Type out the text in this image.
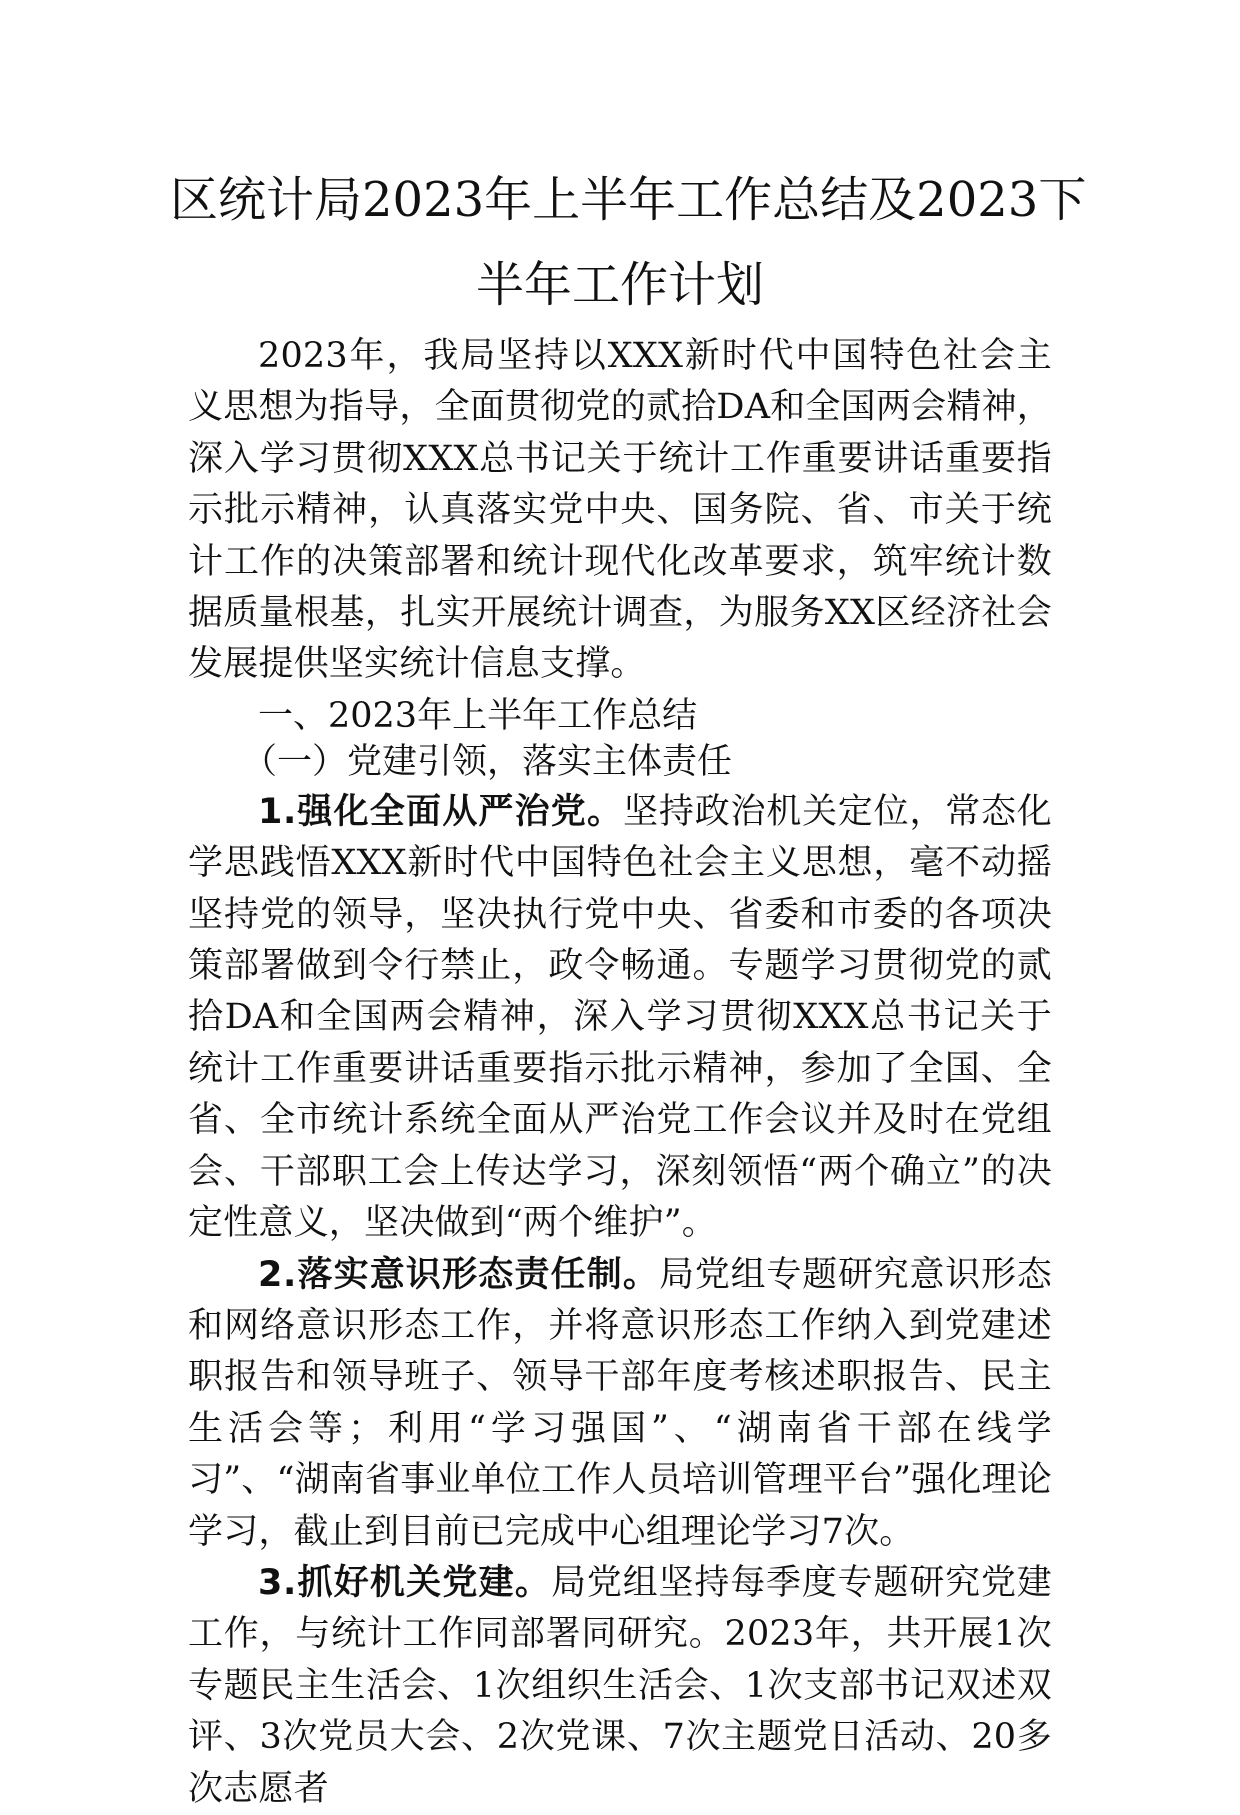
区统计局2023年上半年工作总结及2023下
半年工作计划

2023年，我局坚持以XXX新时代中国特色社会主义思想为指导，全面贯彻党的贰拾DA和全国两会精神，深入学习贯彻XXX总书记关于统计工作重要讲话重要指示批示精神，认真落实党中央、国务院、省、市关于统计工作的决策部署和统计现代化改革要求，筑牢统计数据质量根基，扎实开展统计调查，为服务XX区经济社会发展提供坚实统计信息支撑。

一、2023年上半年工作总结

（一）党建引领，落实主体责任

1.强化全面从严治党。坚持政治机关定位，常态化学思践悟XXX新时代中国特色社会主义思想，毫不动摇坚持党的领导，坚决执行党中央、省委和市委的各项决策部署做到令行禁止，政令畅通。专题学习贯彻党的贰拾DA和全国两会精神，深入学习贯彻XXX总书记关于统计工作重要讲话重要指示批示精神，参加了全国、全省、全市统计系统全面从严治党工作会议并及时在党组会、干部职工会上传达学习，深刻领悟“两个确立”的决定性意义，坚决做到“两个维护”。

2.落实意识形态责任制。局党组专题研究意识形态和网络意识形态工作，并将意识形态工作纳入到党建述职报告和领导班子、领导干部年度考核述职报告、民主生活会等；利用“学习强国”、“湖南省干部在线学习”、“湖南省事业单位工作人员培训管理平台”强化理论学习，截止到目前已完成中心组理论学习7次。

3.抓好机关党建。局党组坚持每季度专题研究党建工作，与统计工作同部署同研究。2023年，共开展1次专题民主生活会、1次组织生活会、1次支部书记双述双评、3次党员大会、2次党课、7次主题党日活动、20多次志愿者
